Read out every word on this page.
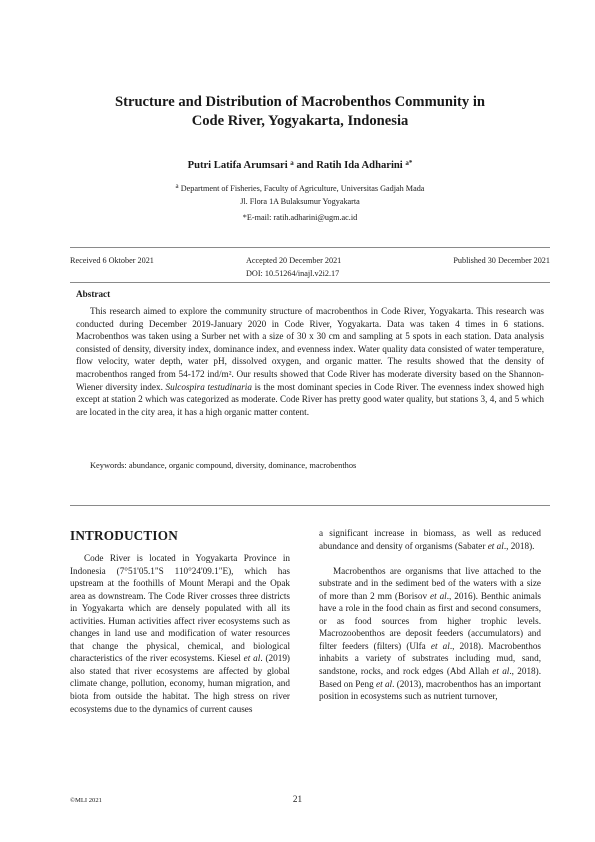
Structure and Distribution of Macrobenthos Community in
Code River, Yogyakarta, Indonesia
Putri Latifa Arumsari $^a$ and Ratih Ida Adharini $^{a*}$
$^a$ Department of Fisheries, Faculty of Agriculture, Universitas Gadjah Mada
Jl. Flora 1A Bulaksumur Yogyakarta
*E-mail: ratih.adharini@ugm.ac.id
Received 6 Oktober 2021	Accepted 20 December 2021	Published 30 December 2021
DOI: 10.51264/inajl.v2i2.17
Abstract
This research aimed to explore the community structure of macrobenthos in Code River, Yogyakarta. This research was conducted during December 2019-January 2020 in Code River, Yogyakarta. Data was taken 4 times in 6 stations. Macrobenthos was taken using a Surber net with a size of 30 x 30 cm and sampling at 5 spots in each station. Data analysis consisted of density, diversity index, dominance index, and evenness index. Water quality data consisted of water temperature, flow velocity, water depth, water pH, dissolved oxygen, and organic matter. The results showed that the density of macrobenthos ranged from 54-172 ind/m². Our results showed that Code River has moderate diversity based on the Shannon-Wiener diversity index. Sulcospira testudinaria is the most dominant species in Code River. The evenness index showed high except at station 2 which was categorized as moderate. Code River has pretty good water quality, but stations 3, 4, and 5 which are located in the city area, it has a high organic matter content.
Keywords: abundance, organic compound, diversity, dominance, macrobenthos
INTRODUCTION

Code River is located in Yogyakarta Province in Indonesia (7°51'05.1"S 110°24'09.1"E), which has upstream at the foothills of Mount Merapi and the Opak area as downstream. The Code River crosses three districts in Yogyakarta which are densely populated with all its activities. Human activities affect river ecosystems such as changes in land use and modification of water resources that change the physical, chemical, and biological characteristics of the river ecosystems. Kiesel et al. (2019) also stated that river ecosystems are affected by global climate change, pollution, economy, human migration, and biota from outside the habitat. The high stress on river ecosystems due to the dynamics of current causes

a significant increase in biomass, as well as reduced abundance and density of organisms (Sabater et al., 2018).

Macrobenthos are organisms that live attached to the substrate and in the sediment bed of the waters with a size of more than 2 mm (Borisov et al., 2016). Benthic animals have a role in the food chain as first and second consumers, or as food sources from higher trophic levels. Macrozoobenthos are deposit feeders (accumulators) and filter feeders (filters) (Ulfa et al., 2018). Macrobenthos inhabits a variety of substrates including mud, sand, sandstone, rocks, and rock edges (Abd Allah et al., 2018). Based on Peng et al. (2013), macrobenthos has an important position in ecosystems such as nutrient turnover,

©MLI 2021	21
